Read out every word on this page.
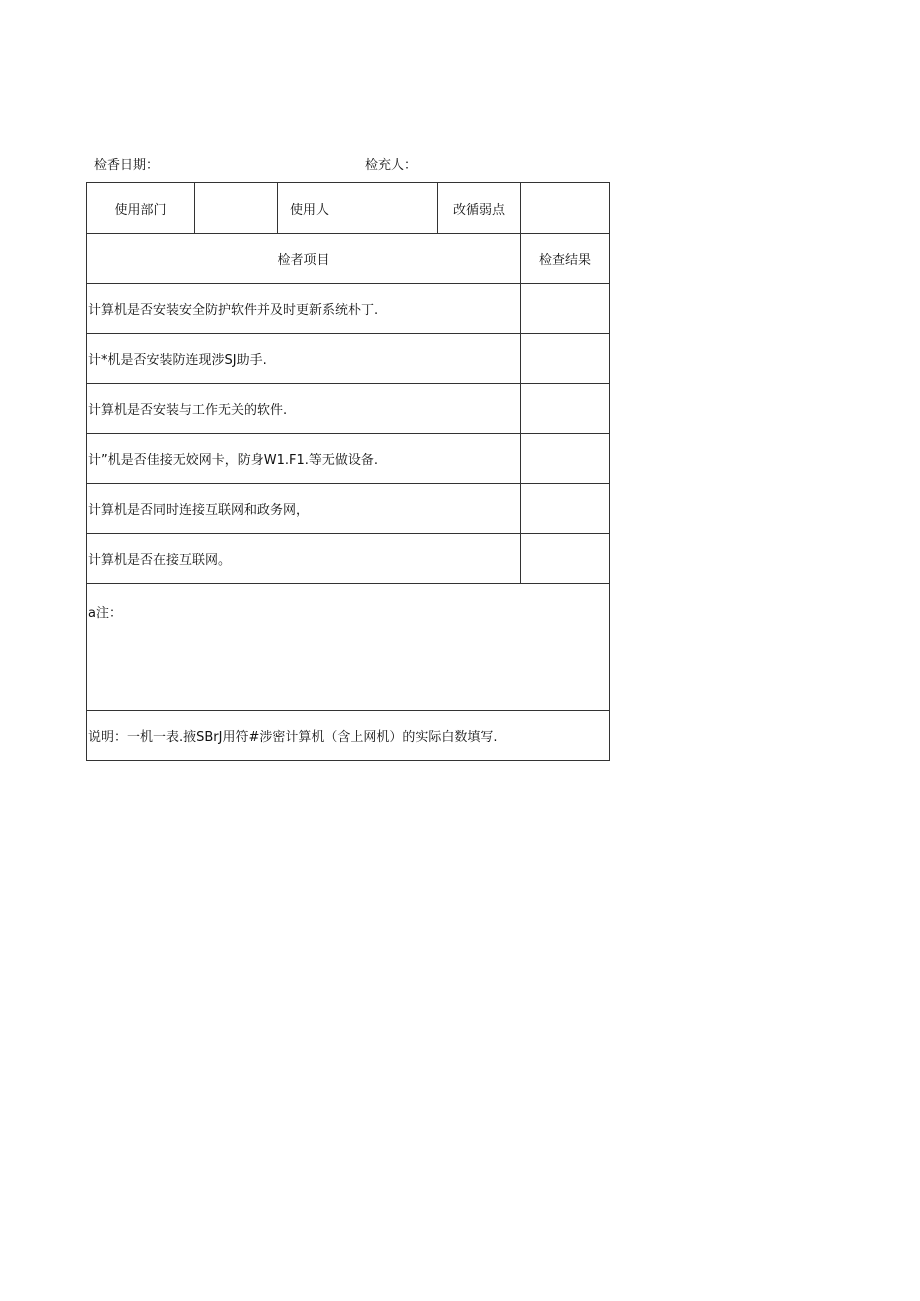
检香日期：	检充人：
使用部门		使用人	改循弱点	
检者项目				检查结果
计算机是否安装安全防护软件并及时更新系统朴丁.				
计*机是否安装防连现涉SJ助手.				
计算机是否安装与工作无关的软件.				
计”机是否佳接无姣网卡，防身W1.F1.等无做设备.				
计算机是否同时连接互联网和政务网，				
计算机是否在接互联网。				
a注：				
说明：一机一表.掖SBrJ用符#涉密计算机（含上网机）的实际白数填写.				
